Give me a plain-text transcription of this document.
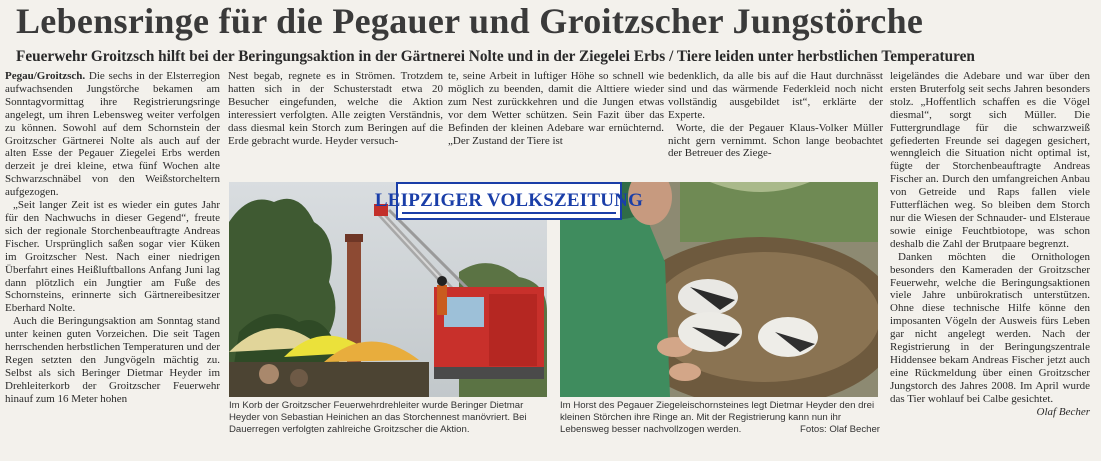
Lebensringe für die Pegauer und Groitzscher Jungstörche
Feuerwehr Groitzsch hilft bei der Beringungsaktion in der Gärtnerei Nolte und in der Ziegelei Erbs / Tiere leiden unter herbstlichen Temperaturen

Pegau/Groitzsch. Die sechs in der Elsterregion aufwachsenden Jungstörche bekamen am Sonntagvormittag ihre Registrierungsringe angelegt, um ihren Lebensweg weiter verfolgen zu können. Sowohl auf dem Schornstein der Groitzscher Gärtnerei Nolte als auch auf der alten Esse der Pegauer Ziegelei Erbs werden derzeit je drei kleine, etwa fünf Wochen alte Schwarzschnäbel von den Weißstorcheltern aufgezogen.

„Seit langer Zeit ist es wieder ein gutes Jahr für den Nachwuchs in dieser Gegend“, freute sich der regionale Storchenbeauftragte Andreas Fischer. Ursprünglich saßen sogar vier Küken im Groitzscher Nest. Nach einer niedrigen Überfahrt eines Heißluftballons Anfang Juni lag dann plötzlich ein Jungtier am Fuße des Schornsteins, erinnerte sich Gärtnereibesitzer Eberhard Nolte.

Auch die Beringungsaktion am Sonntag stand unter keinen guten Vorzeichen. Die seit Tagen herrschenden herbstlichen Temperaturen und der Regen setzten den Jungvögeln mächtig zu. Selbst als sich Beringer Dietmar Heyder im Drehleiterkorb der Groitzscher Feuerwehr hinauf zum 16 Meter hohen

Nest begab, regnete es in Strömen. Trotzdem hatten sich in der Schusterstadt etwa 20 Besucher eingefunden, welche die Aktion interessiert verfolgten. Alle zeigten Verständnis, dass diesmal kein Storch zum Beringen auf die Erde gebracht wurde. Heyder versuch-

te, seine Arbeit in luftiger Höhe so schnell wie möglich zu beenden, damit die Alttiere wieder zum Nest zurückkehren und die Jungen etwas vor dem Wetter schützen. Sein Fazit über das Befinden der kleinen Adebare war ernüchternd. „Der Zustand der Tiere ist

bedenklich, da alle bis auf die Haut durchnässt sind und das wärmende Federkleid noch nicht vollständig ausgebildet ist“, erklärte der Experte.

Worte, die der Pegauer Klaus-Volker Müller nicht gern vernimmt. Schon lange beobachtet der Betreuer des Ziege-

leigeländes die Adebare und war über den ersten Bruterfolg seit sechs Jahren besonders stolz. „Hoffentlich schaffen es die Vögel diesmal“, sorgt sich Müller. Die Futtergrundlage für die schwarzweiß gefiederten Freunde sei dagegen gesichert, wenngleich die Situation nicht optimal ist, fügte der Storchenbeauftragte Andreas Fischer an. Durch den umfangreichen Anbau von Getreide und Raps fallen viele Futterflächen weg. So bleiben dem Storch nur die Wiesen der Schnauder- und Elsteraue sowie einige Feuchtbiotope, was schon deshalb die Zahl der Brutpaare begrenzt.

Danken möchten die Ornithologen besonders den Kameraden der Groitzscher Feuerwehr, welche die Beringungsaktionen viele Jahre unbürokratisch unterstützen. Ohne diese technische Hilfe könne den imposanten Vögeln der Ausweis fürs Leben gar nicht angelegt werden. Nach der Registrierung in der Beringungszentrale Hiddensee bekam Andreas Fischer jetzt auch eine Rückmeldung über einen Groitzscher Jungstorch des Jahres 2008. Im April wurde das Tier wohlauf bei Calbe gesichtet.
Olaf Becher

LEIPZIGER VOLKSZEITUNG
Im Korb der Groitzscher Feuerwehrdrehleiter wurde Beringer Dietmar Heyder von Sebastian Heinichen an das Storchennest manövriert. Bei Dauerregen verfolgten zahlreiche Groitzscher die Aktion.
Im Horst des Pegauer Ziegeleischornsteines legt Dietmar Heyder den drei kleinen Störchen ihre Ringe an. Mit der Registrierung kann nun ihr Lebensweg besser nachvollzogen werden.	Fotos: Olaf Becher
